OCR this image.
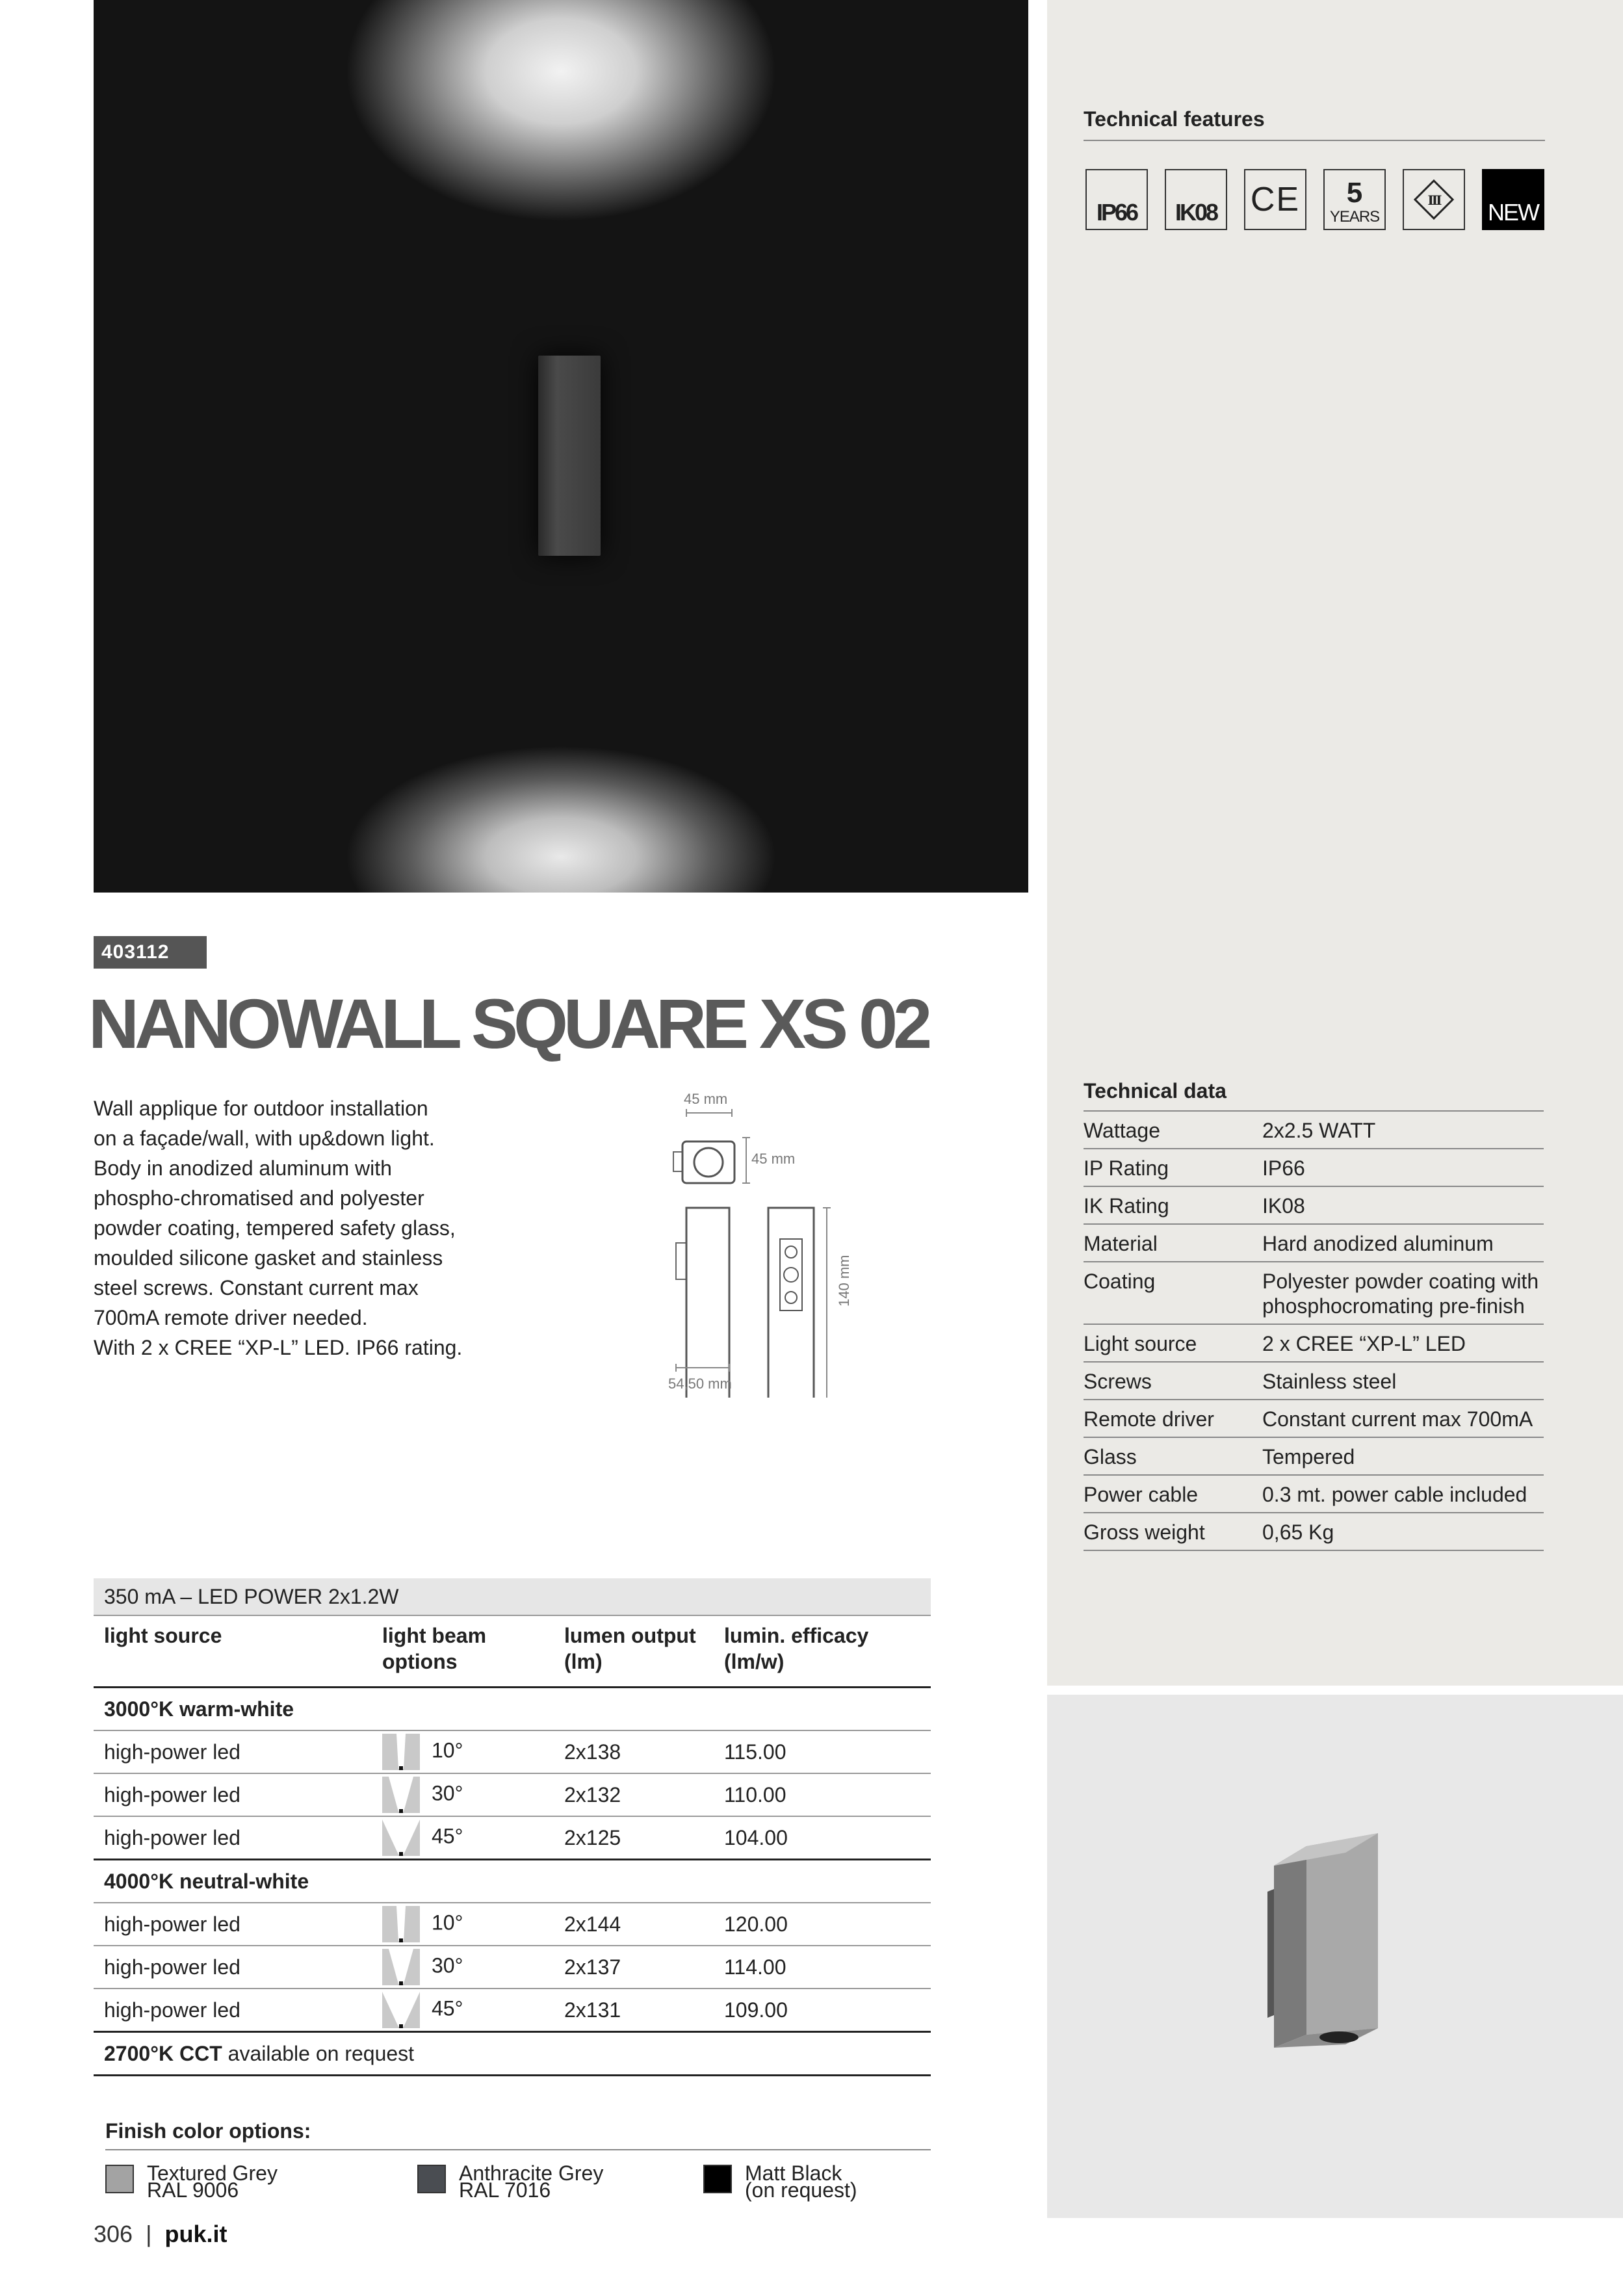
403112
NANOWALL SQUARE XS 02

Wall applique for outdoor installation

on a façade/wall, with up&down light.

Body in anodized aluminum with

phospho-chromatised and polyester

powder coating, tempered safety glass,

moulded silicone gasket and stainless

steel screws. Constant current max

700mA remote driver needed.

With 2 x CREE “XP-L” LED. IP66 rating.

45 mm
45 mm
140 mm
54,50 mm
Technical features
IP66 IK08 CE	5
YEARS
III NEW
Technical data
Wattage	2x2.5 WATT
IP Rating	IP66
IK Rating	IK08
Material	Hard anodized aluminum
Coating	Polyester powder coating with phosphocromating pre-finish
Light source	2 x CREE “XP-L” LED
Screws	Stainless steel
Remote driver	Constant current max 700mA
Glass	Tempered
Power cable	0.3 mt. power cable included
Gross weight	0,65 Kg
350 mA – LED POWER 2x1.2W			
light source	light beam options	lumen output (lm)	lumin. efficacy (lm/w)
3000°K warm-white			
high-power led	10°	2x138	115.00
high-power led	30°	2x132	110.00
high-power led	45°	2x125	104.00
4000°K neutral-white			
high-power led	10°	2x144	120.00
high-power led	30°	2x137	114.00
high-power led	45°	2x131	109.00
2700°K CCT available on request			
Finish color options:
Textured Grey
RAL 9006
Anthracite Grey
RAL 7016
Matt Black
(on request)
306 | puk.it
